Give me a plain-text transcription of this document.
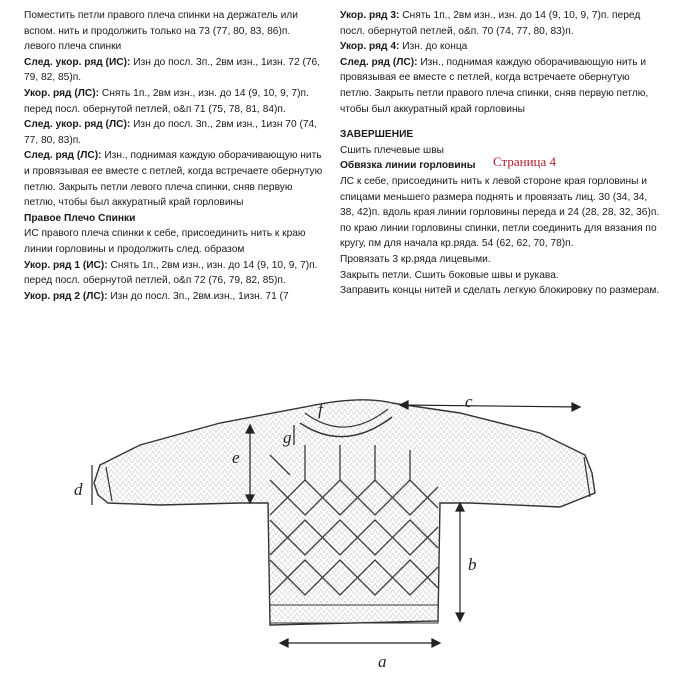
Поместить петли правого плеча спинки на держатель или вспом. нить и продолжить только на 73 (77, 80, 83, 86)п. левого плеча спинки

След. укор. ряд (ИС): Изн до посл. 3п., 2вм изн., 1изн. 72 (76, 79, 82, 85)п.

Укор. ряд (ЛС): Снять 1п., 2вм изн., изн. до 14 (9, 10, 9, 7)п. перед посл. обернутой петлей, о&п 71 (75, 78, 81, 84)п.

След. укор. ряд (ЛС): Изн до посл. 3п., 2вм изн., 1изн 70 (74, 77, 80, 83)п.

След. ряд (ЛС): Изн., поднимая каждую оборачивающую нить и провязывая ее вместе с петлей, когда встречаете обернутую петлю. Закрыть петли левого плеча спинки, сняв первую петлю, чтобы был аккуратный край горловины

Правое Плечо Спинки

ИС правого плеча спинки к себе, присоединить нить к краю линии горловины и продолжить след. образом

Укор. ряд 1 (ИС): Снять 1п., 2вм изн., изн. до 14 (9, 10, 9, 7)п. перед посл. обернутой петлей, о&п 72 (76, 79, 82, 85)п.

Укор. ряд 2 (ЛС): Изн до посл. 3п., 2вм.изн., 1изн. 71 (7

Укор. ряд 3: Снять 1п., 2вм изн., изн. до 14 (9, 10, 9, 7)п. перед посл. обернутой петлей, о&п. 70 (74, 77, 80, 83)п.

Укор. ряд 4: Изн. до конца

След. ряд (ЛС): Изн., поднимая каждую оборачивающую нить и провязывая ее вместе с петлей, когда встречаете обернутую петлю. Закрыть петли правого плеча спинки, сняв первую петлю, чтобы был аккуратный край горловины

ЗАВЕРШЕНИЕ

Сшить плечевые швы

Обвязка линии горловины

ЛС к себе, присоединить нить к левой стороне края горловины и спицами меньшего размера поднять и провязать лиц. 30 (34, 34, 38, 42)п. вдоль края линии горловины переда и 24 (28, 28, 32, 36)п. по краю линии горловины спинки, петли соединить для вязания по кругу, пм для начала кр.ряда. 54 (62, 62, 70, 78)п.

Провязать 3 кр.ряда лицевыми.

Закрыть петли. Сшить боковые швы и рукава.

Заправить концы нитей и сделать легкую блокировку по размерам.

Страница 4
a
b
c
d
e
f
g
